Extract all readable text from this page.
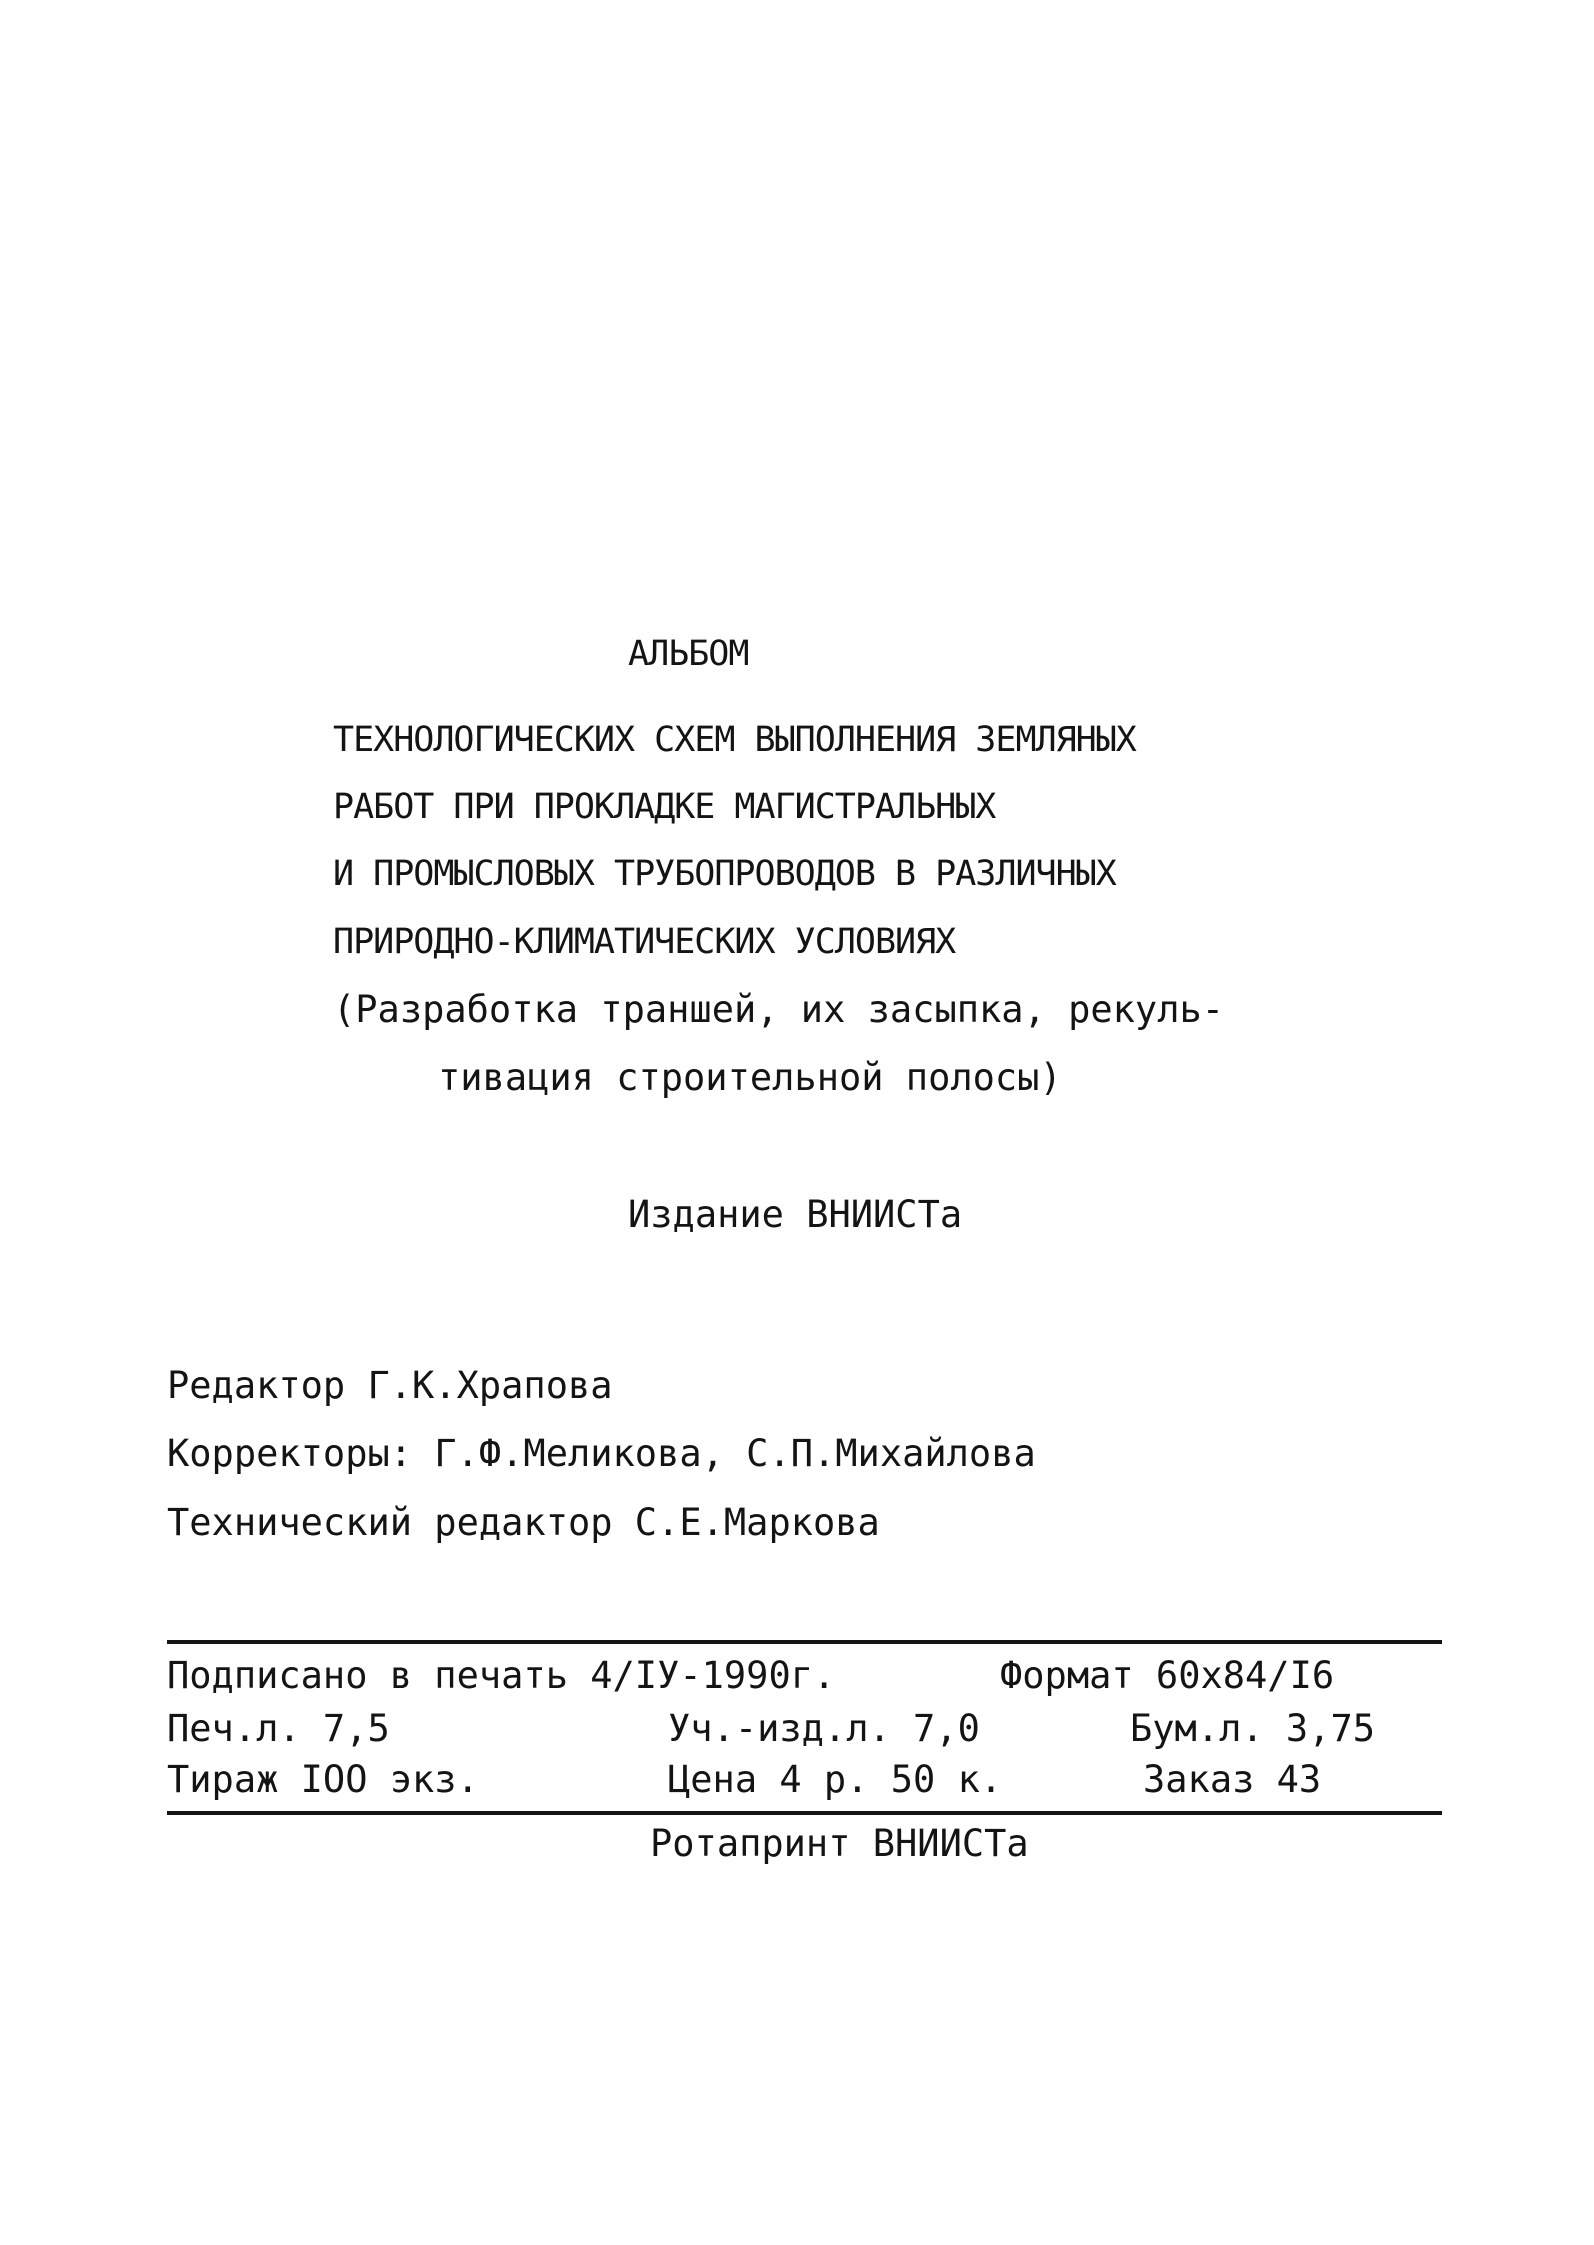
АЛЬБОМ
ТЕХНОЛОГИЧЕСКИХ СХЕМ ВЫПОЛНЕНИЯ ЗЕМЛЯНЫХ
РАБОТ ПРИ ПРОКЛАДКЕ МАГИСТРАЛЬНЫХ
И ПРОМЫСЛОВЫХ ТРУБОПРОВОДОВ В РАЗЛИЧНЫХ
ПРИРОДНО-КЛИМАТИЧЕСКИХ УСЛОВИЯХ
(Разработка траншей, их засыпка, рекуль-
тивация строительной полосы)
Издание ВНИИСТа
Редактор Г.К.Храпова
Корректоры: Г.Ф.Меликова, С.П.Михайлова
Технический редактор С.Е.Маркова
Подписано в печать 4/IУ-1990г.	Формат 60х84/I6
Печ.л. 7,5	Уч.-изд.л. 7,0	Бум.л. 3,75
Тираж IOO экз.	Цена 4 р. 50 к.	Заказ 43
Ротапринт ВНИИСТа
